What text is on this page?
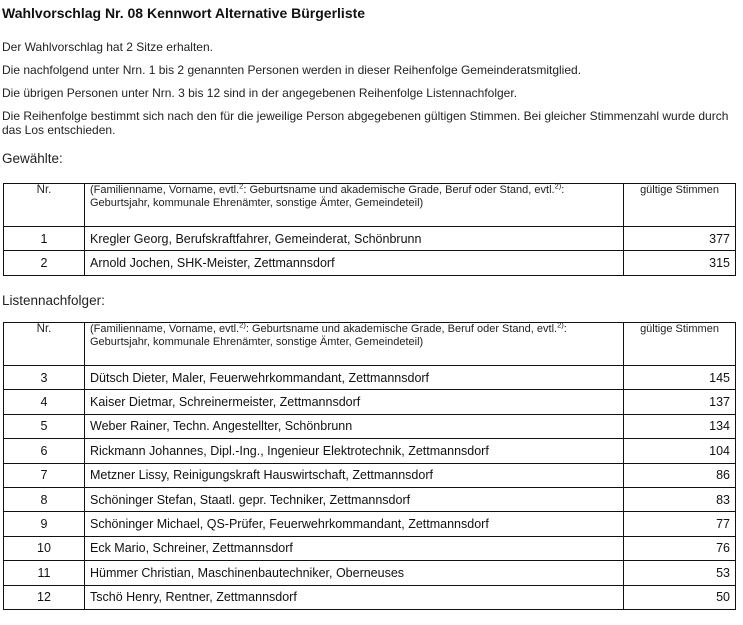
Wahlvorschlag Nr. 08 Kennwort Alternative Bürgerliste
Der Wahlvorschlag hat 2 Sitze erhalten.
Die nachfolgend unter Nrn. 1 bis 2 genannten Personen werden in dieser Reihenfolge Gemeinderatsmitglied.
Die übrigen Personen unter Nrn. 3 bis 12 sind in der angegebenen Reihenfolge Listennachfolger.
Die Reihenfolge bestimmt sich nach den für die jeweilige Person abgegebenen gültigen Stimmen. Bei gleicher Stimmenzahl wurde durch das Los entschieden.
Gewählte:
Nr.	(Familienname, Vorname, evtl.$^2$: Geburtsname und akademische Grade, Beruf oder Stand, evtl.$^{2)}$: Geburtsjahr, kommunale Ehrenämter, sonstige Ämter, Gemeindeteil)	gültige Stimmen
1	Kregler Georg, Berufskraftfahrer, Gemeinderat, Schönbrunn	377
2	Arnold Jochen, SHK-Meister, Zettmannsdorf	315
Listennachfolger:
Nr.	(Familienname, Vorname, evtl.$^{2)}$: Geburtsname und akademische Grade, Beruf oder Stand, evtl.$^{2)}$: Geburtsjahr, kommunale Ehrenämter, sonstige Ämter, Gemeindeteil)	gültige Stimmen
3	Dütsch Dieter, Maler, Feuerwehrkommandant, Zettmannsdorf	145
4	Kaiser Dietmar, Schreinermeister, Zettmannsdorf	137
5	Weber Rainer, Techn. Angestellter, Schönbrunn	134
6	Rickmann Johannes, Dipl.-Ing., Ingenieur Elektrotechnik, Zettmannsdorf	104
7	Metzner Lissy, Reinigungskraft Hauswirtschaft, Zettmannsdorf	86
8	Schöninger Stefan, Staatl. gepr. Techniker, Zettmannsdorf	83
9	Schöninger Michael, QS-Prüfer, Feuerwehrkommandant, Zettmannsdorf	77
10	Eck Mario, Schreiner, Zettmannsdorf	76
11	Hümmer Christian, Maschinenbautechniker, Oberneuses	53
12	Tschö Henry, Rentner, Zettmannsdorf	50
